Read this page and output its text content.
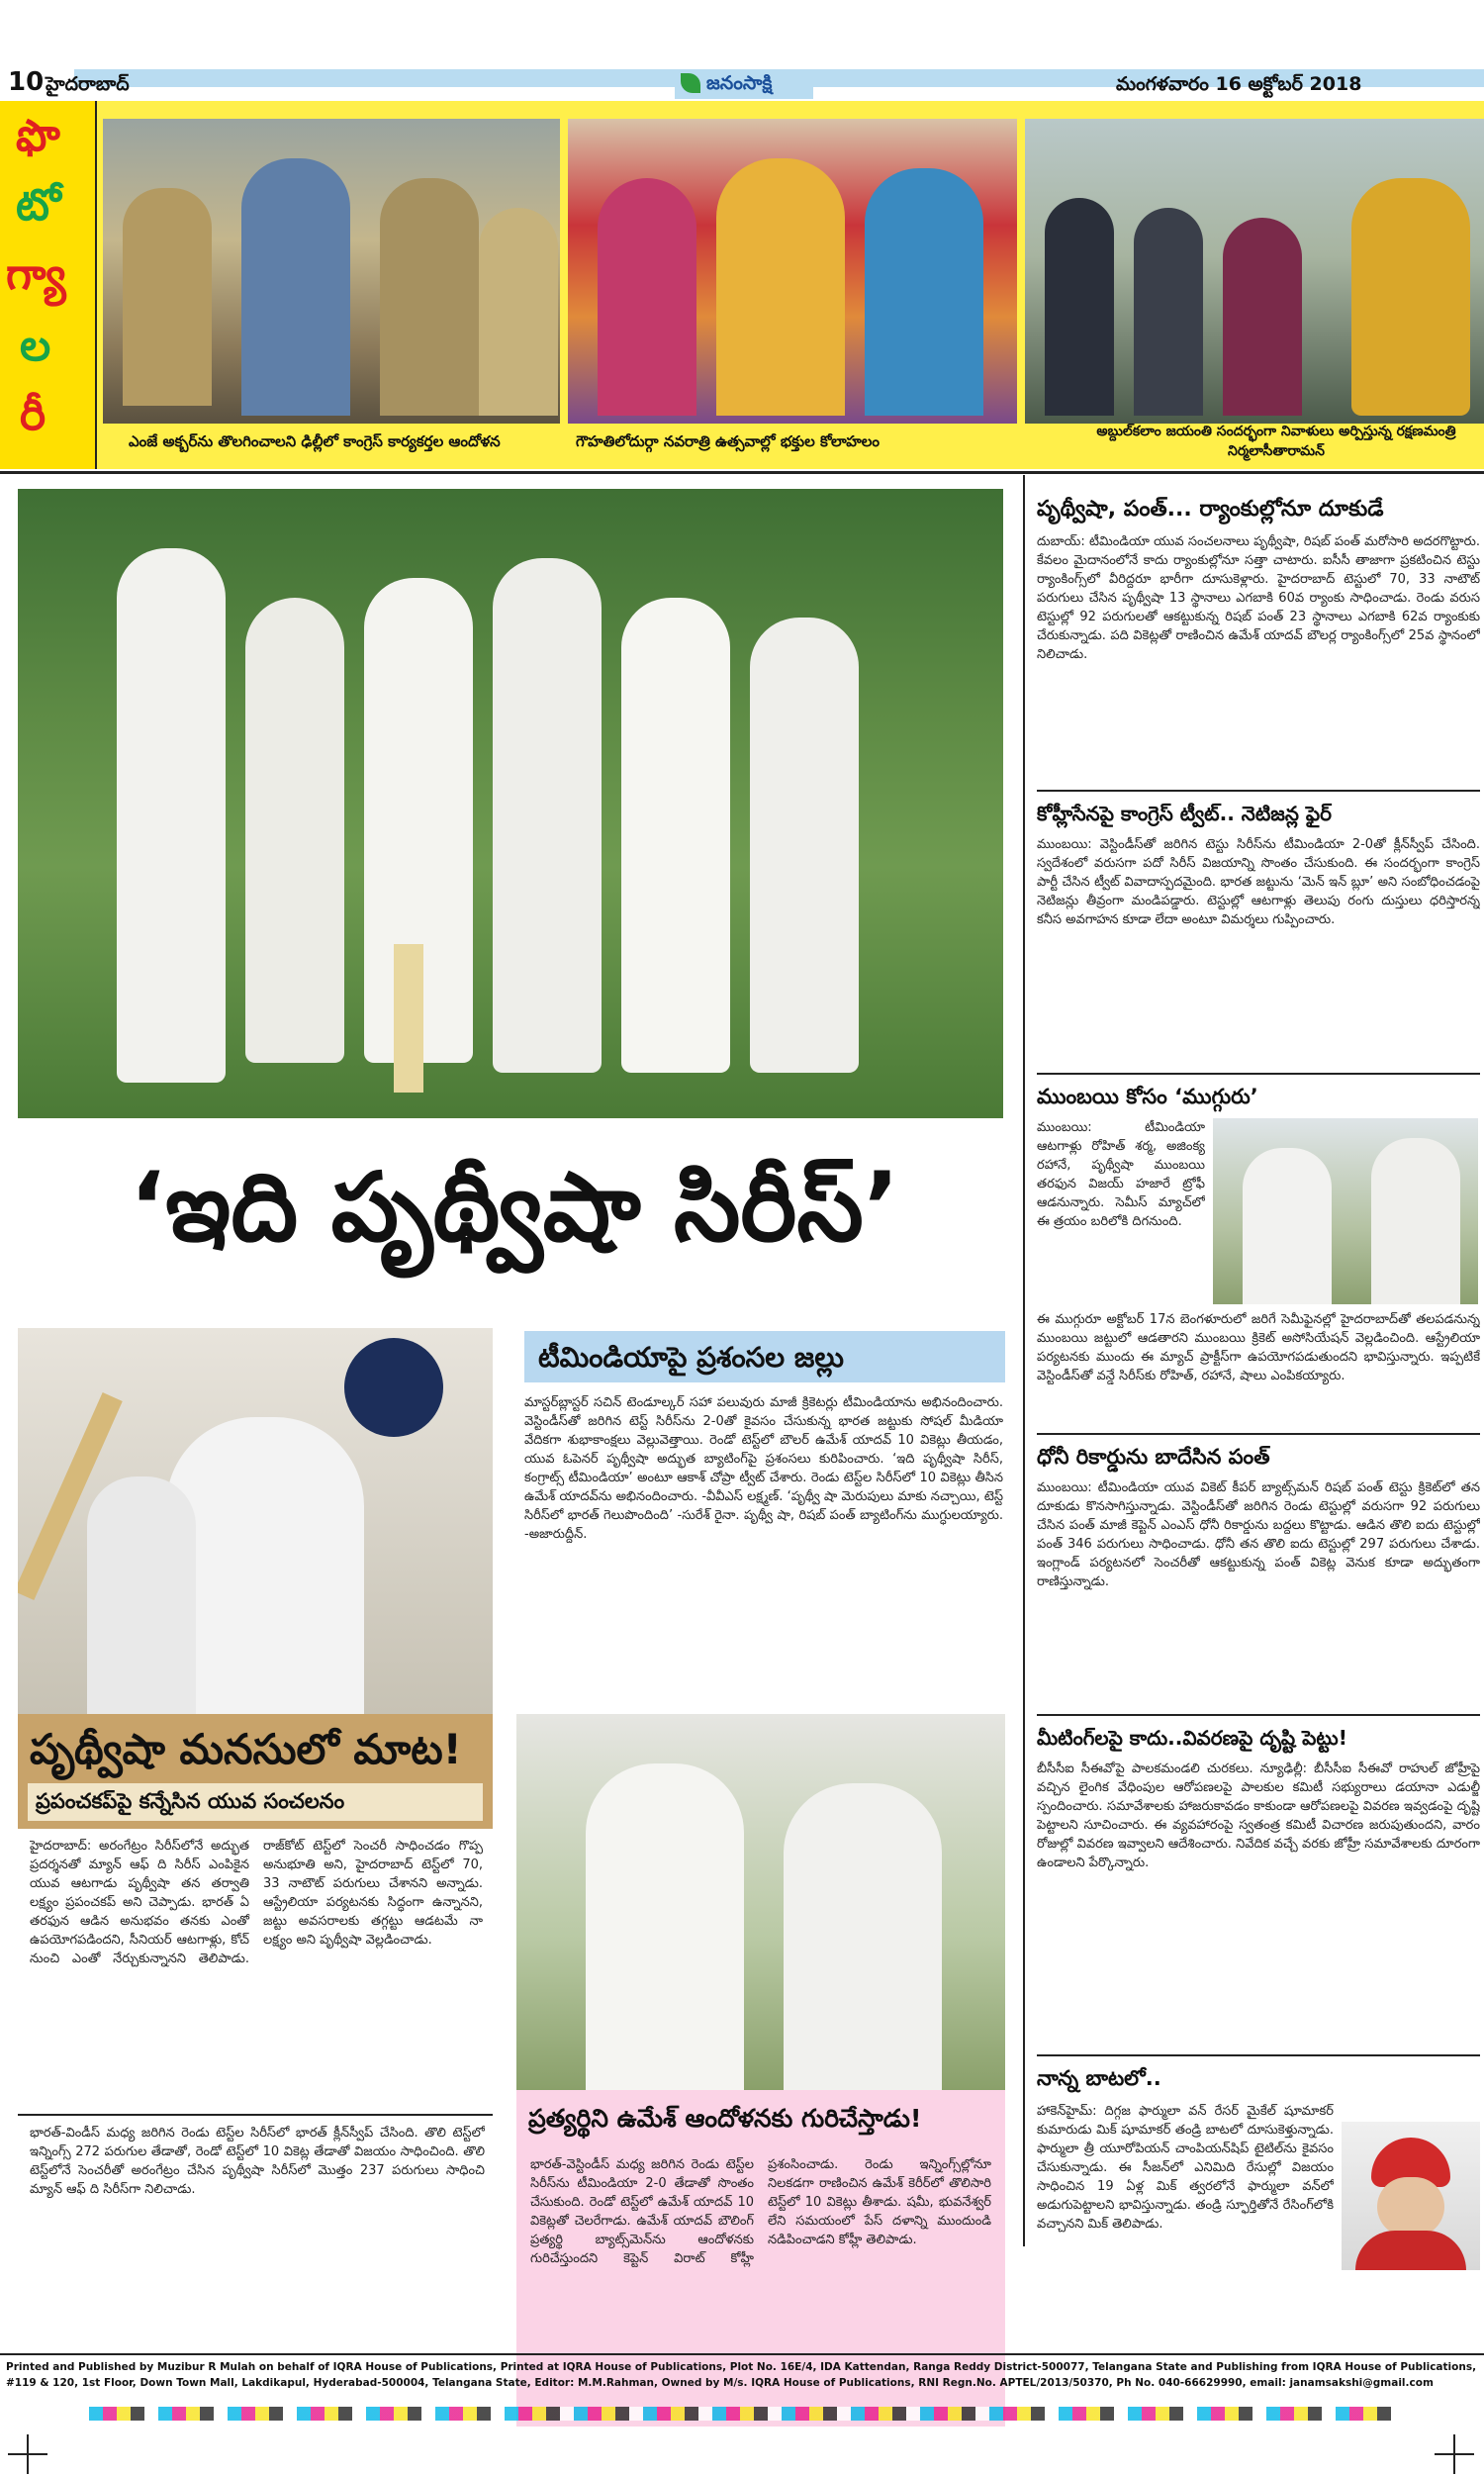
10 హైదరాబాద్	జనంసాక్షి	మంగళవారం 16 అక్టోబర్ 2018
ఫొ
టో
గ్యా
ల
రీ
ఎంజే అక్బర్‌ను తొలగించాలని ఢిల్లీలో కాంగ్రెస్ కార్యకర్తల ఆందోళన	గౌహతిలోదుర్గా నవరాత్రి ఉత్సవాల్లో భక్తుల కోలాహలం
అబ్దుల్‌కలాం జయంతి సందర్భంగా నివాళులు అర్పిస్తున్న రక్షణమంత్రి నిర్మలాసీతారామన్
‘ఇది పృథ్వీషా సిరీస్’
పృథ్వీషా మనసులో మాట!
ప్రపంచకప్‌పై కన్నేసిన యువ సంచలనం
హైదరాబాద్: అరంగేట్రం సిరీస్‌లోనే అద్భుత ప్రదర్శనతో మ్యాన్ ఆఫ్ ది సిరీస్ ఎంపికైన యువ ఆటగాడు పృథ్వీషా తన తర్వాతి లక్ష్యం ప్రపంచకప్ అని చెప్పాడు. భారత్ ఏ తరఫున ఆడిన అనుభవం తనకు ఎంతో ఉపయోగపడిందని, సీనియర్ ఆటగాళ్లు, కోచ్ నుంచి ఎంతో నేర్చుకున్నానని తెలిపాడు. రాజ్‌కోట్ టెస్ట్‌లో సెంచరీ సాధించడం గొప్ప అనుభూతి అని, హైదరాబాద్ టెస్ట్‌లో 70, 33 నాటౌట్ పరుగులు చేశానని అన్నాడు. ఆస్ట్రేలియా పర్యటనకు సిద్ధంగా ఉన్నానని, జట్టు అవసరాలకు తగ్గట్టు ఆడటమే నా లక్ష్యం అని పృథ్వీషా వెల్లడించాడు.
టీమిండియాపై ప్రశంసల జల్లు
మాస్టర్‌బ్లాస్టర్ సచిన్ టెండూల్కర్ సహా పలువురు మాజీ క్రికెటర్లు టీమిండియాను అభినందించారు. వెస్టిండీస్‌తో జరిగిన టెస్ట్ సిరీస్‌ను 2-0తో కైవసం చేసుకున్న భారత జట్టుకు సోషల్ మీడియా వేదికగా శుభాకాంక్షలు వెల్లువెత్తాయి. రెండో టెస్ట్‌లో బౌలర్ ఉమేశ్ యాదవ్ 10 వికెట్లు తీయడం, యువ ఓపెనర్ పృథ్వీషా అద్భుత బ్యాటింగ్‌పై ప్రశంసలు కురిపించారు. ‘ఇది పృథ్వీషా సిరీస్, కంగ్రాట్స్ టీమిండియా’ అంటూ ఆకాశ్ చోప్రా ట్వీట్ చేశారు. రెండు టెస్ట్‌ల సిరీస్‌లో 10 వికెట్లు తీసిన ఉమేశ్ యాదవ్‌ను అభినందించారు. -వీవీఎస్ లక్ష్మణ్. ‘పృథ్వీ షా మెరుపులు మాకు నచ్చాయి, టెస్ట్ సిరీస్‌లో భారత్ గెలుపొందింది’ -సురేశ్ రైనా. పృథ్వీ షా, రిషబ్ పంత్ బ్యాటింగ్‌ను ముగ్ధులయ్యారు. -అజారుద్దీన్.
ప్రత్యర్థిని ఉమేశ్ ఆందోళనకు గురిచేస్తాడు!
భారత్-వెస్టిండీస్ మధ్య జరిగిన రెండు టెస్ట్‌ల సిరీస్‌ను టీమిండియా 2-0 తేడాతో సొంతం చేసుకుంది. రెండో టెస్ట్‌లో ఉమేశ్ యాదవ్ 10 వికెట్లతో చెలరేగాడు. ఉమేశ్ యాదవ్ బౌలింగ్ ప్రత్యర్థి బ్యాట్స్‌మెన్‌ను ఆందోళనకు గురిచేస్తుందని కెప్టెన్ విరాట్ కోహ్లీ ప్రశంసించాడు. రెండు ఇన్నింగ్స్‌ల్లోనూ నిలకడగా రాణించిన ఉమేశ్ కెరీర్‌లో తొలిసారి టెస్ట్‌లో 10 వికెట్లు తీశాడు. షమీ, భువనేశ్వర్ లేని సమయంలో పేస్ దళాన్ని ముందుండి నడిపించాడని కోహ్లీ తెలిపాడు.
భారత్-విండీస్ మధ్య జరిగిన రెండు టెస్ట్‌ల సిరీస్‌లో భారత్ క్లీన్‌స్వీప్ చేసింది. తొలి టెస్ట్‌లో ఇన్నింగ్స్ 272 పరుగుల తేడాతో, రెండో టెస్ట్‌లో 10 వికెట్ల తేడాతో విజయం సాధించింది. తొలి టెస్ట్‌లోనే సెంచరీతో అరంగేట్రం చేసిన పృథ్వీషా సిరీస్‌లో మొత్తం 237 పరుగులు సాధించి మ్యాన్ ఆఫ్ ది సిరీస్‌గా నిలిచాడు.
పృథ్వీషా, పంత్... ర్యాంకుల్లోనూ దూకుడే
దుబాయ్: టీమిండియా యువ సంచలనాలు పృథ్వీషా, రిషబ్ పంత్ మరోసారి అదరగొట్టారు. కేవలం మైదానంలోనే కాదు ర్యాంకుల్లోనూ సత్తా చాటారు. ఐసీసీ తాజాగా ప్రకటించిన టెస్టు ర్యాంకింగ్స్‌లో వీరిద్దరూ భారీగా దూసుకెళ్లారు. హైదరాబాద్ టెస్టులో 70, 33 నాటౌట్ పరుగులు చేసిన పృథ్వీషా 13 స్థానాలు ఎగబాకి 60వ ర్యాంకు సాధించాడు. రెండు వరుస టెస్టుల్లో 92 పరుగులతో ఆకట్టుకున్న రిషబ్ పంత్ 23 స్థానాలు ఎగబాకి 62వ ర్యాంకుకు చేరుకున్నాడు. పది వికెట్లతో రాణించిన ఉమేశ్ యాదవ్ బౌలర్ల ర్యాంకింగ్స్‌లో 25వ స్థానంలో నిలిచాడు.
కోహ్లీసేనపై కాంగ్రెస్ ట్వీట్.. నెటిజన్ల ఫైర్
ముంబయి: వెస్టిండీస్‌తో జరిగిన టెస్టు సిరీస్‌ను టీమిండియా 2-0తో క్లీన్‌స్వీప్ చేసింది. స్వదేశంలో వరుసగా పదో సిరీస్ విజయాన్ని సొంతం చేసుకుంది. ఈ సందర్భంగా కాంగ్రెస్ పార్టీ చేసిన ట్వీట్ వివాదాస్పదమైంది. భారత జట్టును ‘మెన్ ఇన్ బ్లూ’ అని సంబోధించడంపై నెటిజన్లు తీవ్రంగా మండిపడ్డారు. టెస్టుల్లో ఆటగాళ్లు తెలుపు రంగు దుస్తులు ధరిస్తారన్న కనీస అవగాహన కూడా లేదా అంటూ విమర్శలు గుప్పించారు.
ముంబయి కోసం ‘ముగ్గురు’
ముంబయి: టీమిండియా ఆటగాళ్లు రోహిత్ శర్మ, అజింక్య రహానే, పృథ్వీషా ముంబయి తరఫున విజయ్ హజారే ట్రోఫీ ఆడనున్నారు. సెమీస్ మ్యాచ్‌లో ఈ త్రయం బరిలోకి దిగనుంది.
ఈ ముగ్గురూ అక్టోబర్ 17న బెంగళూరులో జరిగే సెమీఫైనల్లో హైదరాబాద్‌తో తలపడనున్న ముంబయి జట్టులో ఆడతారని ముంబయి క్రికెట్ అసోసియేషన్ వెల్లడించింది. ఆస్ట్రేలియా పర్యటనకు ముందు ఈ మ్యాచ్ ప్రాక్టీస్‌గా ఉపయోగపడుతుందని భావిస్తున్నారు. ఇప్పటికే వెస్టిండీస్‌తో వన్డే సిరీస్‌కు రోహిత్, రహానే, షాలు ఎంపికయ్యారు.
ధోనీ రికార్డును బాదేసిన పంత్
ముంబయి: టీమిండియా యువ వికెట్ కీపర్ బ్యాట్స్‌మన్ రిషబ్ పంత్ టెస్టు క్రికెట్‌లో తన దూకుడు కొనసాగిస్తున్నాడు. వెస్టిండీస్‌తో జరిగిన రెండు టెస్టుల్లో వరుసగా 92 పరుగులు చేసిన పంత్ మాజీ కెప్టెన్ ఎంఎస్ ధోనీ రికార్డును బద్దలు కొట్టాడు. ఆడిన తొలి ఐదు టెస్టుల్లో పంత్ 346 పరుగులు సాధించాడు. ధోనీ తన తొలి ఐదు టెస్టుల్లో 297 పరుగులు చేశాడు. ఇంగ్లాండ్ పర్యటనలో సెంచరీతో ఆకట్టుకున్న పంత్ వికెట్ల వెనుక కూడా అద్భుతంగా రాణిస్తున్నాడు.
మీటింగ్‌లపై కాదు..వివరణపై దృష్టి పెట్టు!
బీసీసీఐ సీఈవోపై పాలకమండలి చురకలు. న్యూఢిల్లీ: బీసీసీఐ సీఈవో రాహుల్ జోహ్రీపై వచ్చిన లైంగిక వేధింపుల ఆరోపణలపై పాలకుల కమిటీ సభ్యురాలు డయానా ఎడుల్జీ స్పందించారు. సమావేశాలకు హాజరుకావడం కాకుండా ఆరోపణలపై వివరణ ఇవ్వడంపై దృష్టి పెట్టాలని సూచించారు. ఈ వ్యవహారంపై స్వతంత్ర కమిటీ విచారణ జరుపుతుందని, వారం రోజుల్లో వివరణ ఇవ్వాలని ఆదేశించారు. నివేదిక వచ్చే వరకు జోహ్రీ సమావేశాలకు దూరంగా ఉండాలని పేర్కొన్నారు.
నాన్న బాటలో..
హాకెన్‌హైమ్: దిగ్గజ ఫార్ములా వన్ రేసర్ మైకేల్ షూమాకర్ కుమారుడు మిక్ షూమాకర్ తండ్రి బాటలో దూసుకెళ్తున్నాడు. ఫార్ములా త్రీ యూరోపియన్ చాంపియన్‌షిప్ టైటిల్‌ను కైవసం చేసుకున్నాడు. ఈ సీజన్‌లో ఎనిమిది రేసుల్లో విజయం సాధించిన 19 ఏళ్ల మిక్ త్వరలోనే ఫార్ములా వన్‌లో అడుగుపెట్టాలని భావిస్తున్నాడు. తండ్రి స్ఫూర్తితోనే రేసింగ్‌లోకి వచ్చానని మిక్ తెలిపాడు.
Printed and Published by Muzibur R Mulah on behalf of IQRA House of Publications, Printed at IQRA House of Publications, Plot No. 16E/4, IDA Kattendan, Ranga Reddy District-500077, Telangana State and Publishing from IQRA House of Publications,
#119 & 120, 1st Floor, Down Town Mall, Lakdikapul, Hyderabad-500004, Telangana State, Editor: M.M.Rahman, Owned by M/s. IQRA House of Publications, RNI Regn.No. APTEL/2013/50370, Ph No. 040-66629990, email: janamsakshi@gmail.com
